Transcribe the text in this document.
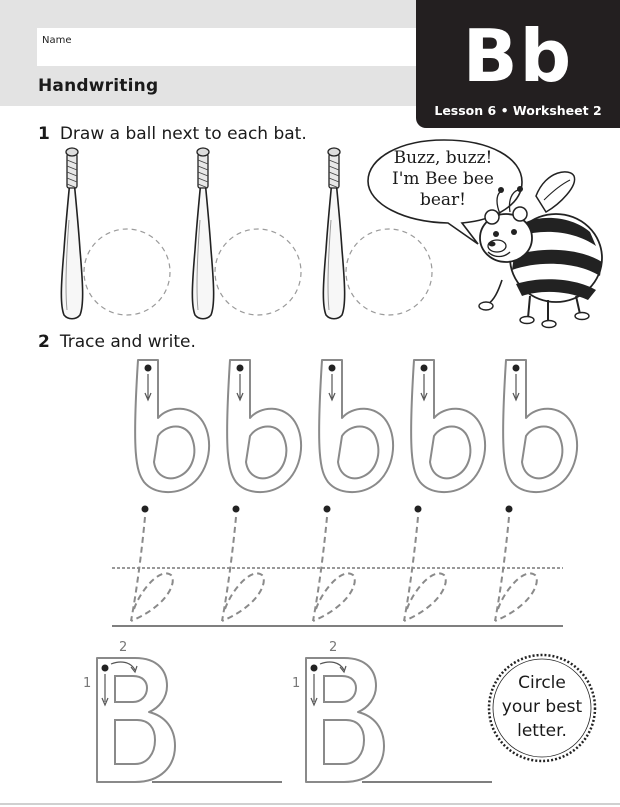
Name
Handwriting	Bb
Lesson 6 • Worksheet 2
1 Draw a ball next to each bat.
2 Trace and write.
Buzz, buzz!
I'm Bee bee
bear!
1
2
1
2
Circle
your best
letter.
